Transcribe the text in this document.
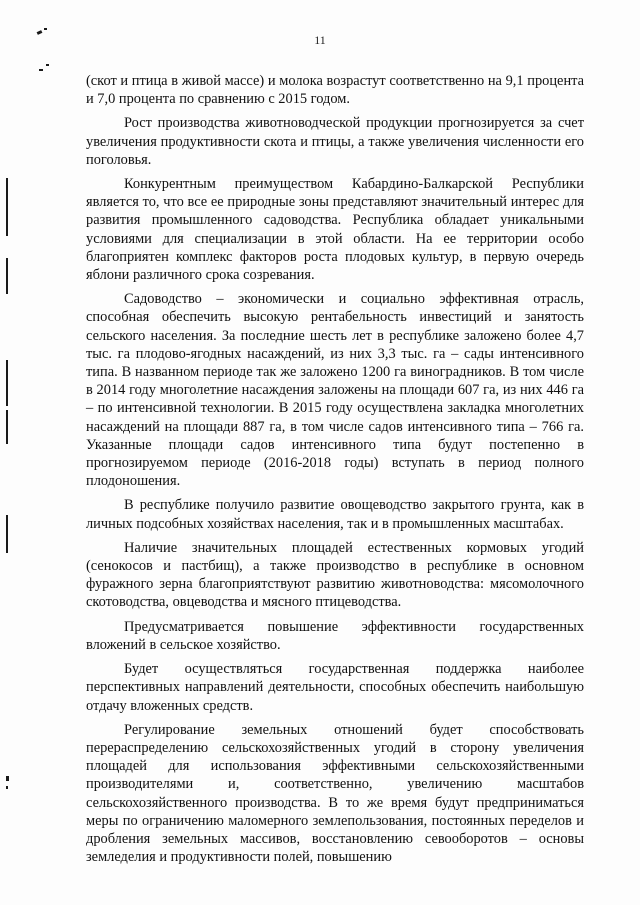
11

(скот и птица в живой массе) и молока возрастут соответственно на 9,1 процента и 7,0 процента по сравнению с 2015 годом.

Рост производства животноводческой продукции прогнозируется за счет увеличения продуктивности скота и птицы, а также увеличения численности его поголовья.

Конкурентным преимуществом Кабардино-Балкарской Республики является то, что все ее природные зоны представляют значительный интерес для развития промышленного садоводства. Республика обладает уникальными условиями для специализации в этой области. На ее территории особо благоприятен комплекс факторов роста плодовых культур, в первую очередь яблони различного срока созревания.

Садоводство – экономически и социально эффективная отрасль, способная обеспечить высокую рентабельность инвестиций и занятость сельского населения. За последние шесть лет в республике заложено более 4,7 тыс. га плодово-ягодных насаждений, из них 3,3 тыс. га – сады интенсивного типа. В названном периоде так же заложено 1200 га виноградников. В том числе в 2014 году многолетние насаждения заложены на площади 607 га, из них 446 га – по интенсивной технологии. В 2015 году осуществлена закладка многолетних насаждений на площади 887 га, в том числе садов интенсивного типа – 766 га. Указанные площади садов интенсивного типа будут постепенно в прогнозируемом периоде (2016-2018 годы) вступать в период полного плодоношения.

В республике получило развитие овощеводство закрытого грунта, как в личных подсобных хозяйствах населения, так и в промышленных масштабах.

Наличие значительных площадей естественных кормовых угодий (сенокосов и пастбищ), а также производство в республике в основном фуражного зерна благоприятствуют развитию животноводства: мясомолочного скотоводства, овцеводства и мясного птицеводства.

Предусматривается повышение эффективности государственных вложений в сельское хозяйство.

Будет осуществляться государственная поддержка наиболее перспективных направлений деятельности, способных обеспечить наибольшую отдачу вложенных средств.

Регулирование земельных отношений будет способствовать перераспределению сельскохозяйственных угодий в сторону увеличения площадей для использования эффективными сельскохозяйственными производителями и, соответственно, увеличению масштабов сельскохозяйственного производства. В то же время будут предприниматься меры по ограничению маломерного землепользования, постоянных переделов и дробления земельных массивов, восстановлению севооборотов – основы земледелия и продуктивности полей, повышению
